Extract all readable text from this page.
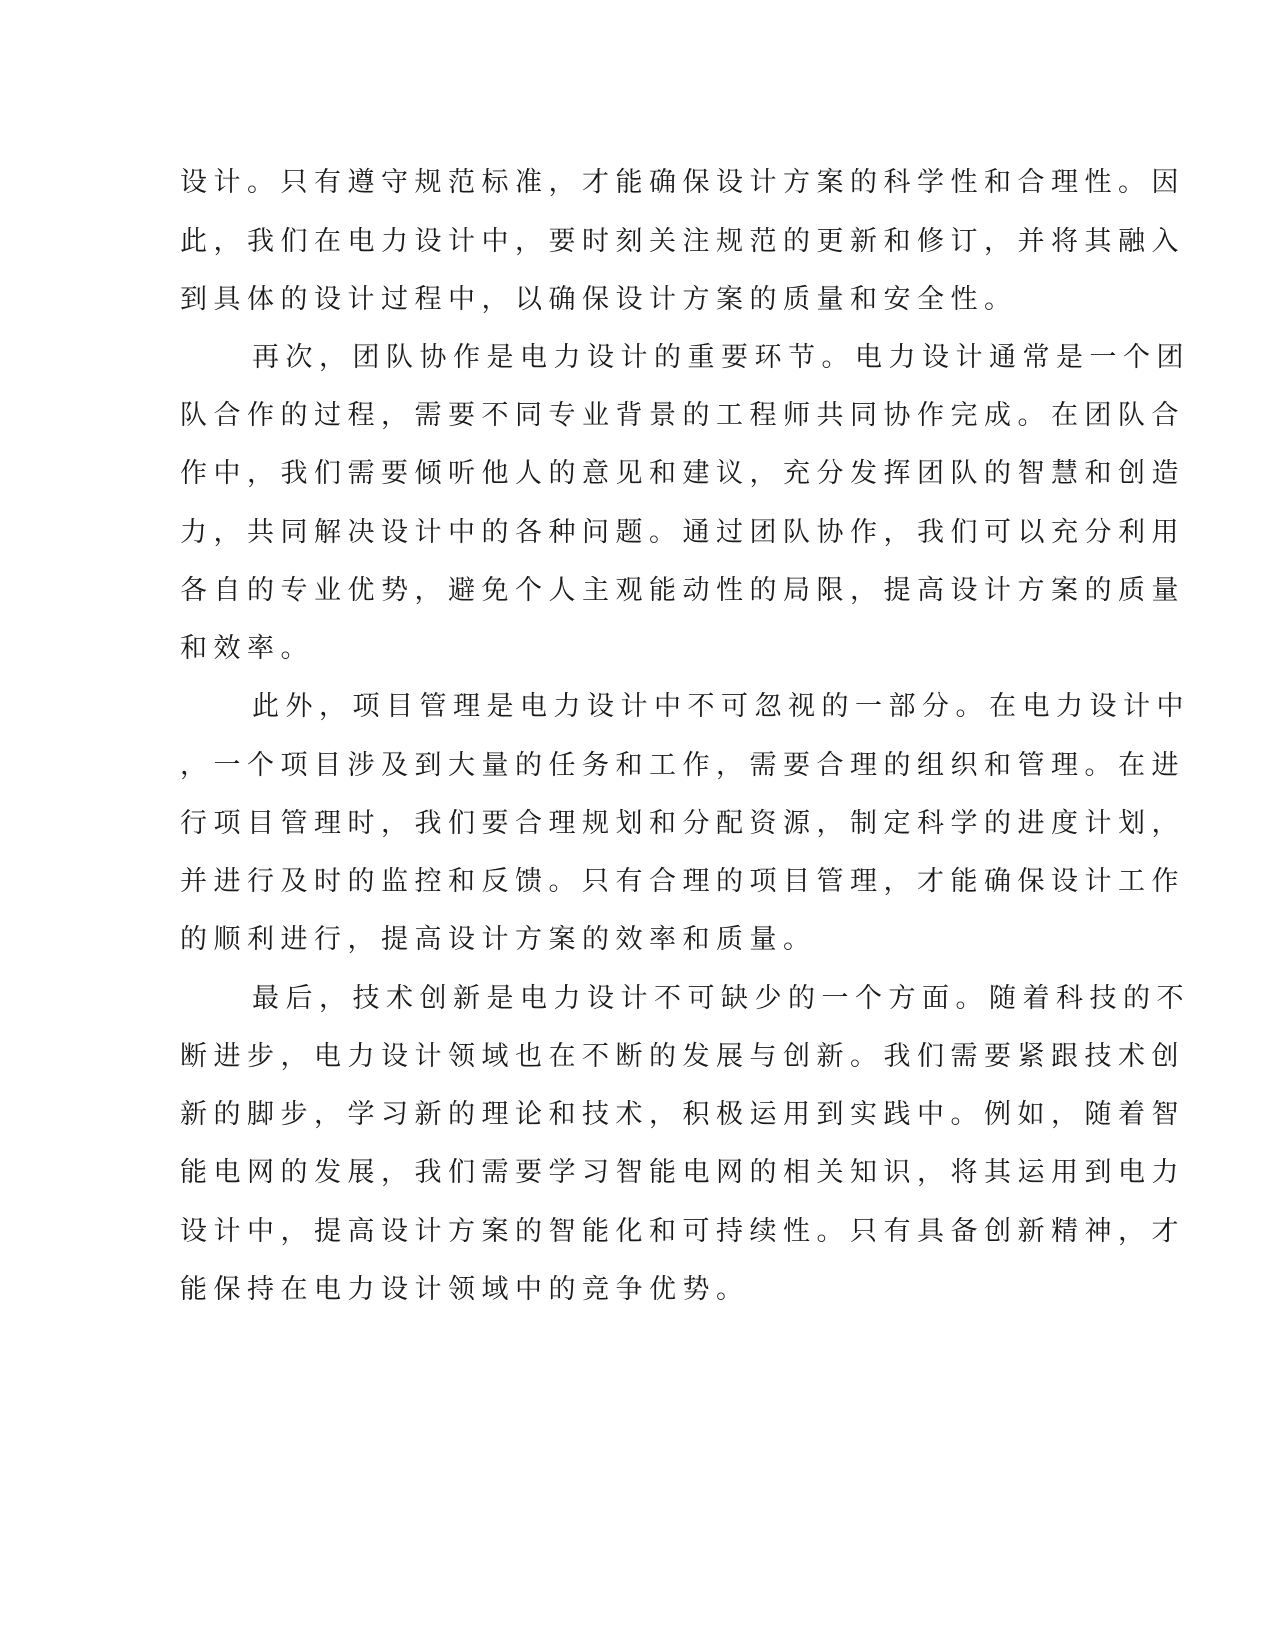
设计。只有遵守规范标准，才能确保设计方案的科学性和合理性。因

此，我们在电力设计中，要时刻关注规范的更新和修订，并将其融入

到具体的设计过程中，以确保设计方案的质量和安全性。

再次，团队协作是电力设计的重要环节。电力设计通常是一个团

队合作的过程，需要不同专业背景的工程师共同协作完成。在团队合

作中，我们需要倾听他人的意见和建议，充分发挥团队的智慧和创造

力，共同解决设计中的各种问题。通过团队协作，我们可以充分利用

各自的专业优势，避免个人主观能动性的局限，提高设计方案的质量

和效率。

此外，项目管理是电力设计中不可忽视的一部分。在电力设计中

，一个项目涉及到大量的任务和工作，需要合理的组织和管理。在进

行项目管理时，我们要合理规划和分配资源，制定科学的进度计划，

并进行及时的监控和反馈。只有合理的项目管理，才能确保设计工作

的顺利进行，提高设计方案的效率和质量。

最后，技术创新是电力设计不可缺少的一个方面。随着科技的不

断进步，电力设计领域也在不断的发展与创新。我们需要紧跟技术创

新的脚步，学习新的理论和技术，积极运用到实践中。例如，随着智

能电网的发展，我们需要学习智能电网的相关知识，将其运用到电力

设计中，提高设计方案的智能化和可持续性。只有具备创新精神，才

能保持在电力设计领域中的竞争优势。
